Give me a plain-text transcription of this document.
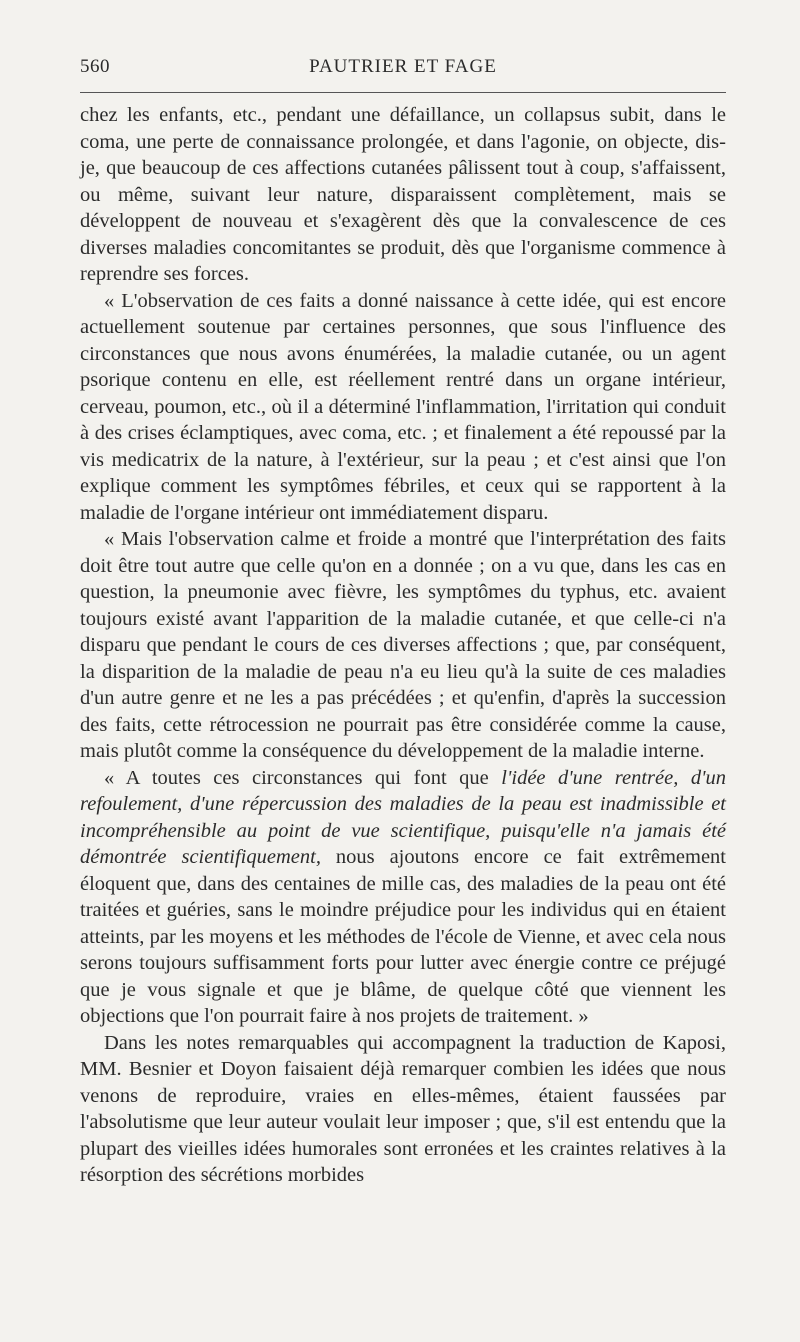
560	PAUTRIER ET FAGE

chez les enfants, etc., pendant une défaillance, un collapsus subit, dans le coma, une perte de connaissance prolongée, et dans l'agonie, on objecte, dis-je, que beaucoup de ces affections cutanées pâlissent tout à coup, s'affaissent, ou même, suivant leur nature, disparaissent complètement, mais se développent de nouveau et s'exagèrent dès que la convalescence de ces diverses maladies concomitantes se produit, dès que l'organisme commence à reprendre ses forces.

« L'observation de ces faits a donné naissance à cette idée, qui est encore actuellement soutenue par certaines personnes, que sous l'influence des circonstances que nous avons énumérées, la maladie cutanée, ou un agent psorique contenu en elle, est réellement rentré dans un organe intérieur, cerveau, poumon, etc., où il a déterminé l'inflammation, l'irritation qui conduit à des crises éclamptiques, avec coma, etc. ; et finalement a été repoussé par la vis medicatrix de la nature, à l'extérieur, sur la peau ; et c'est ainsi que l'on explique comment les symptômes fébriles, et ceux qui se rapportent à la maladie de l'organe intérieur ont immédiatement disparu.

« Mais l'observation calme et froide a montré que l'interprétation des faits doit être tout autre que celle qu'on en a donnée ; on a vu que, dans les cas en question, la pneumonie avec fièvre, les symptômes du typhus, etc. avaient toujours existé avant l'apparition de la maladie cutanée, et que celle-ci n'a disparu que pendant le cours de ces diverses affections ; que, par conséquent, la disparition de la maladie de peau n'a eu lieu qu'à la suite de ces maladies d'un autre genre et ne les a pas précédées ; et qu'enfin, d'après la succession des faits, cette rétrocession ne pourrait pas être considérée comme la cause, mais plutôt comme la conséquence du développement de la maladie interne.

« A toutes ces circonstances qui font que l'idée d'une rentrée, d'un refoulement, d'une répercussion des maladies de la peau est inadmissible et incompréhensible au point de vue scientifique, puisqu'elle n'a jamais été démontrée scientifiquement, nous ajoutons encore ce fait extrêmement éloquent que, dans des centaines de mille cas, des maladies de la peau ont été traitées et guéries, sans le moindre préjudice pour les individus qui en étaient atteints, par les moyens et les méthodes de l'école de Vienne, et avec cela nous serons toujours suffisamment forts pour lutter avec énergie contre ce préjugé que je vous signale et que je blâme, de quelque côté que viennent les objections que l'on pourrait faire à nos projets de traitement. »

Dans les notes remarquables qui accompagnent la traduction de Kaposi, MM. Besnier et Doyon faisaient déjà remarquer combien les idées que nous venons de reproduire, vraies en elles-mêmes, étaient faussées par l'absolutisme que leur auteur voulait leur imposer ; que, s'il est entendu que la plupart des vieilles idées humorales sont erronées et les craintes relatives à la résorption des sécrétions morbides
